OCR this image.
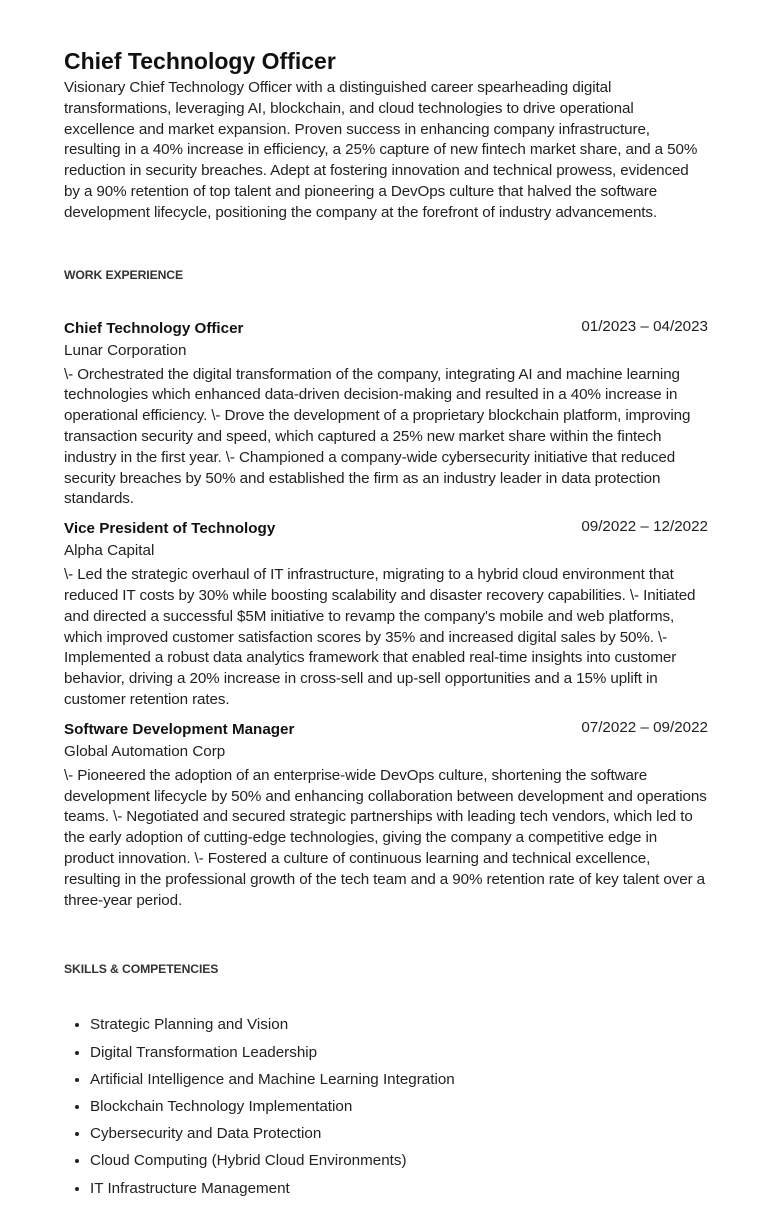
Chief Technology Officer

Visionary Chief Technology Officer with a distinguished career spearheading digital transformations, leveraging AI, blockchain, and cloud technologies to drive operational excellence and market expansion. Proven success in enhancing company infrastructure, resulting in a 40% increase in efficiency, a 25% capture of new fintech market share, and a 50% reduction in security breaches. Adept at fostering innovation and technical prowess, evidenced by a 90% retention of top talent and pioneering a DevOps culture that halved the software development lifecycle, positioning the company at the forefront of industry advancements.

WORK EXPERIENCE
Chief Technology Officer	01/2023 – 04/2023
Lunar Corporation

\- Orchestrated the digital transformation of the company, integrating AI and machine learning technologies which enhanced data-driven decision-making and resulted in a 40% increase in operational efficiency. \- Drove the development of a proprietary blockchain platform, improving transaction security and speed, which captured a 25% new market share within the fintech industry in the first year. \- Championed a company-wide cybersecurity initiative that reduced security breaches by 50% and established the firm as an industry leader in data protection standards.

Vice President of Technology	09/2022 – 12/2022
Alpha Capital

\- Led the strategic overhaul of IT infrastructure, migrating to a hybrid cloud environment that reduced IT costs by 30% while boosting scalability and disaster recovery capabilities. \- Initiated and directed a successful $5M initiative to revamp the company's mobile and web platforms, which improved customer satisfaction scores by 35% and increased digital sales by 50%. \- Implemented a robust data analytics framework that enabled real-time insights into customer behavior, driving a 20% increase in cross-sell and up-sell opportunities and a 15% uplift in customer retention rates.

Software Development Manager	07/2022 – 09/2022
Global Automation Corp

\- Pioneered the adoption of an enterprise-wide DevOps culture, shortening the software development lifecycle by 50% and enhancing collaboration between development and operations teams. \- Negotiated and secured strategic partnerships with leading tech vendors, which led to the early adoption of cutting-edge technologies, giving the company a competitive edge in product innovation. \- Fostered a culture of continuous learning and technical excellence, resulting in the professional growth of the tech team and a 90% retention rate of key talent over a three-year period.

SKILLS & COMPETENCIES
• Strategic Planning and Vision
• Digital Transformation Leadership
• Artificial Intelligence and Machine Learning Integration
• Blockchain Technology Implementation
• Cybersecurity and Data Protection
• Cloud Computing (Hybrid Cloud Environments)
• IT Infrastructure Management
